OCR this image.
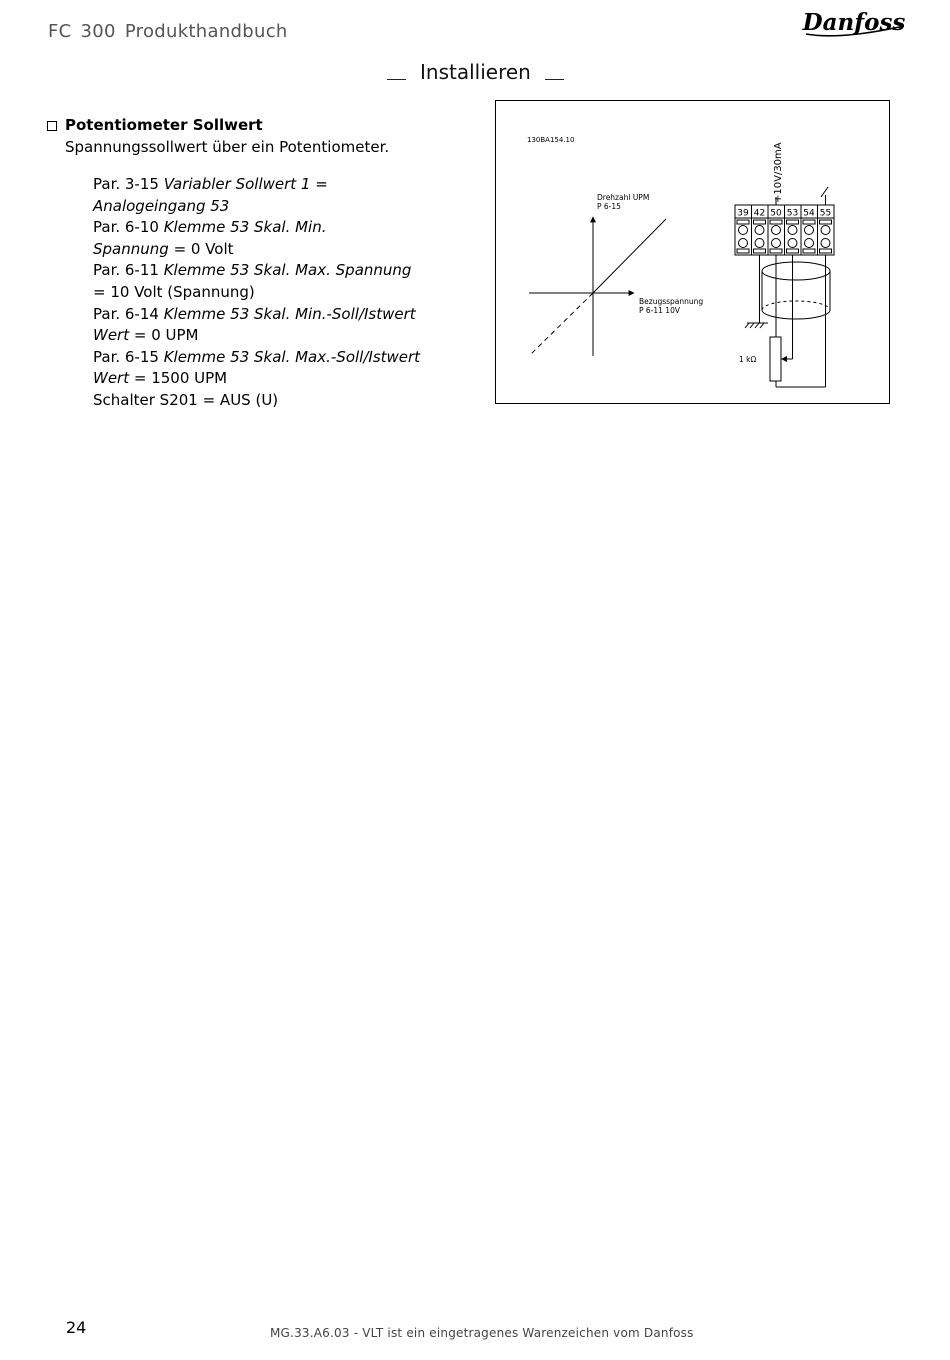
FC 300 Produkthandbuch	Danfoss
Installieren
Potentiometer Sollwert
Spannungssollwert über ein Potentiometer.
Par. 3-15 Variabler Sollwert 1 =
Analogeingang 53
Par. 6-10 Klemme 53 Skal. Min.
Spannung = 0 Volt
Par. 6-11 Klemme 53 Skal. Max. Spannung
= 10 Volt (Spannung)
Par. 6-14 Klemme 53 Skal. Min.-Soll/Istwert
Wert = 0 UPM
Par. 6-15 Klemme 53 Skal. Max.-Soll/Istwert
Wert = 1500 UPM
Schalter S201 = AUS (U)
130BA154.10
Drehzahl UPM
P 6-15
Bezugsspannung
P 6-11 10V
+10V/30mA
39 42 50 53 54 55
1 kΩ
24	MG.33.A6.03 - VLT ist ein eingetragenes Warenzeichen vom Danfoss
